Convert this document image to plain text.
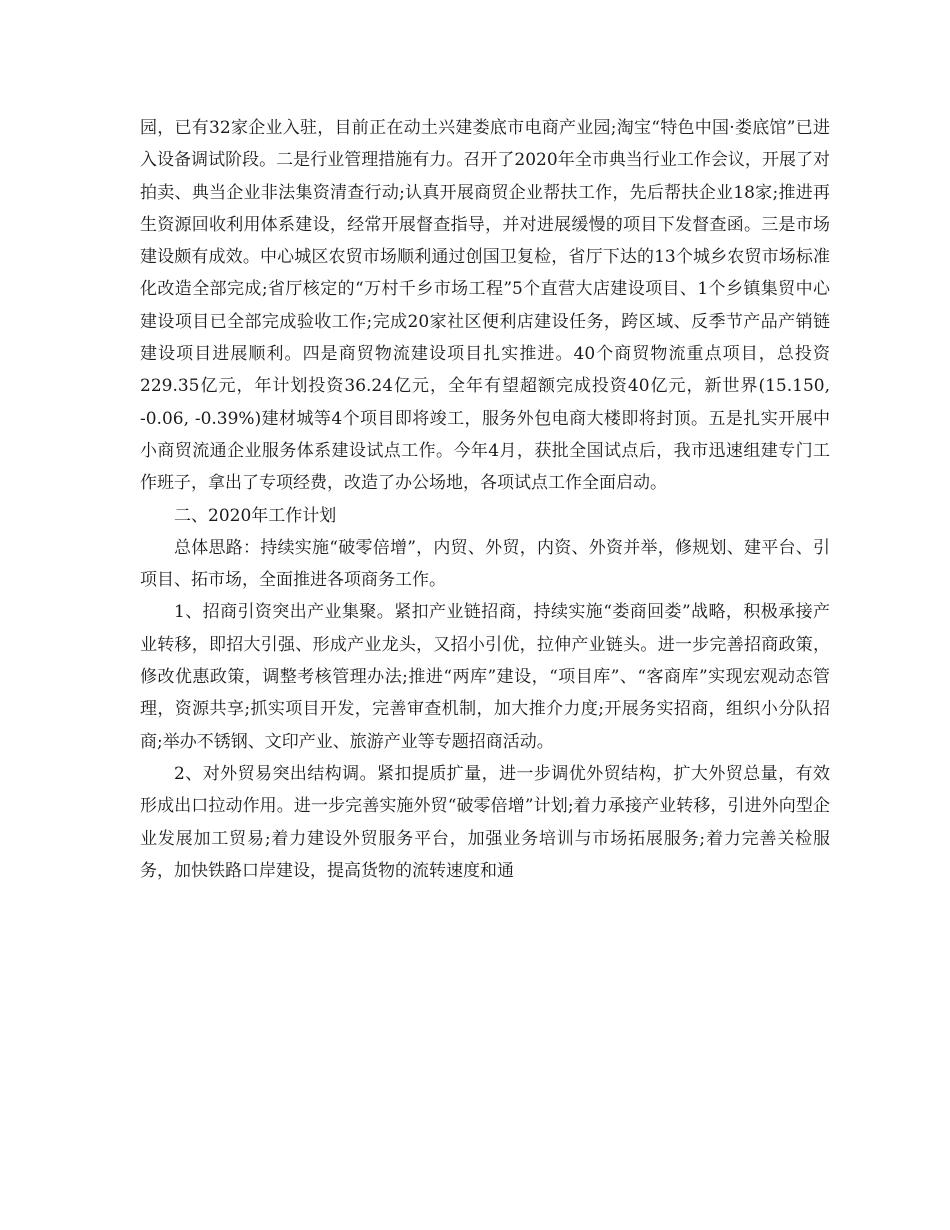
园，已有32家企业入驻，目前正在动土兴建娄底市电商产业园;淘宝“特色中国·娄底馆”已进入设备调试阶段。二是行业管理措施有力。召开了2020年全市典当行业工作会议，开展了对拍卖、典当企业非法集资清查行动;认真开展商贸企业帮扶工作，先后帮扶企业18家;推进再生资源回收利用体系建设，经常开展督查指导，并对进展缓慢的项目下发督查函。三是市场建设颇有成效。中心城区农贸市场顺利通过创国卫复检，省厅下达的13个城乡农贸市场标准化改造全部完成;省厅核定的“万村千乡市场工程”5个直营大店建设项目、1个乡镇集贸中心建设项目已全部完成验收工作;完成20家社区便利店建设任务，跨区域、反季节产品产销链建设项目进展顺利。四是商贸物流建设项目扎实推进。40个商贸物流重点项目，总投资229.35亿元，年计划投资36.24亿元，全年有望超额完成投资40亿元，新世界(15.150, -0.06, -0.39%)建材城等4个项目即将竣工，服务外包电商大楼即将封顶。五是扎实开展中小商贸流通企业服务体系建设试点工作。今年4月，获批全国试点后，我市迅速组建专门工作班子，拿出了专项经费，改造了办公场地，各项试点工作全面启动。

二、2020年工作计划

总体思路：持续实施“破零倍增”，内贸、外贸，内资、外资并举，修规划、建平台、引项目、拓市场，全面推进各项商务工作。

1、招商引资突出产业集聚。紧扣产业链招商，持续实施“娄商回娄”战略，积极承接产业转移，即招大引强、形成产业龙头，又招小引优，拉伸产业链头。进一步完善招商政策，修改优惠政策，调整考核管理办法;推进“两库”建设，“项目库”、“客商库”实现宏观动态管理，资源共享;抓实项目开发，完善审查机制，加大推介力度;开展务实招商，组织小分队招商;举办不锈钢、文印产业、旅游产业等专题招商活动。

2、对外贸易突出结构调。紧扣提质扩量，进一步调优外贸结构，扩大外贸总量，有效形成出口拉动作用。进一步完善实施外贸“破零倍增”计划;着力承接产业转移，引进外向型企业发展加工贸易;着力建设外贸服务平台，加强业务培训与市场拓展服务;着力完善关检服务，加快铁路口岸建设，提高货物的流转速度和通
